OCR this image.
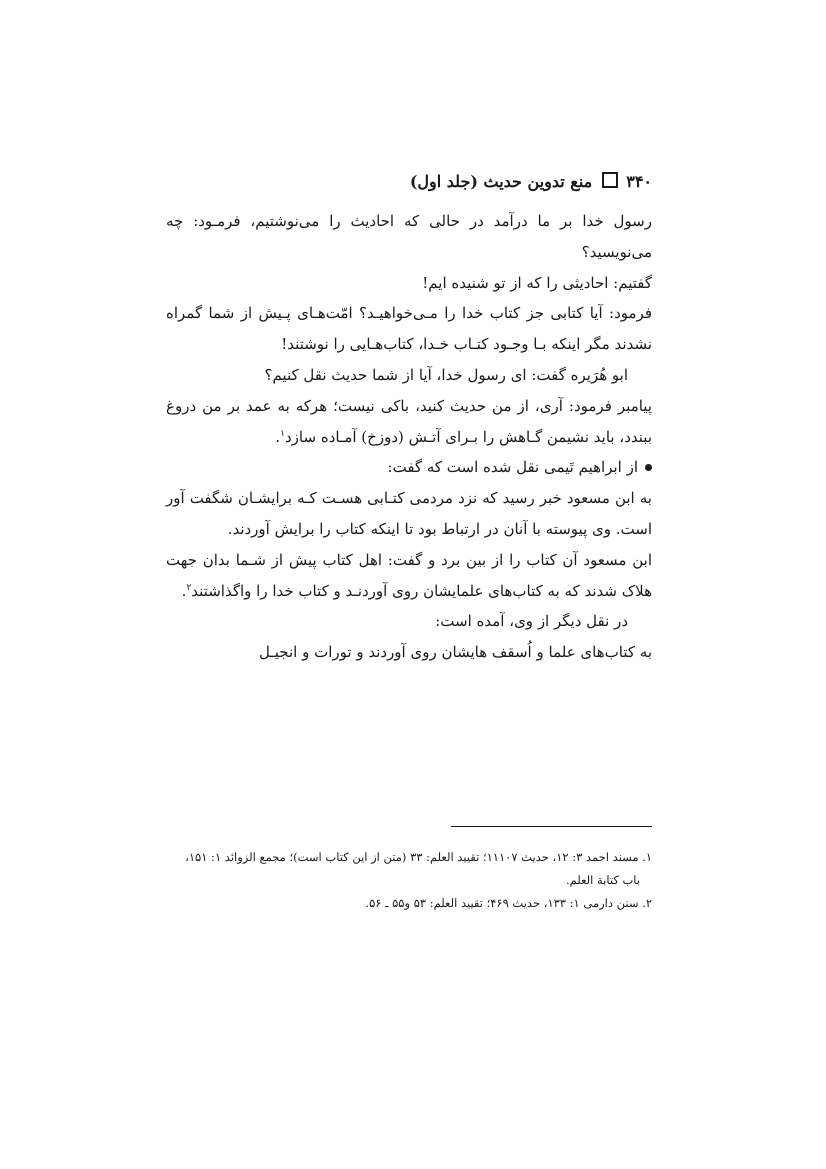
۳۴۰منع تدوین حدیث (جلد اول)

رسول خدا بر ما درآمد در حالی که احادیث را می‌نوشتیم، فرمـود: چه می‌نویسید؟

گفتیم: احادیثی را که از تو شنیده ایم!

فرمود: آیا کتابی جز کتاب خدا را مـی‌خواهیـد؟ امّت‌هـای پـیش از شما گمراه نشدند مگر اینکه بـا وجـود کتـاب خـدا، کتاب‌هـایی را نوشتند!

ابو هُرَیره گفت: ای رسول خدا، آیا از شما حدیث نقل کنیم؟

پیامبر فرمود: آری، از من حدیث کنید، باکی نیست؛ هرکه به عمد بر من دروغ ببندد، باید نشیمن گـاهش را بـرای آتـش (دوزخ) آمـاده سازد$^۱$.

از ابراهیم تَیمی نقل شده است که گفت:

به ابن مسعود خبر رسید که نزد مردمی کتـابی هسـت کـه برایشـان شگفت آور است. وی پیوسته با آنان در ارتباط بود تا اینکه کتاب را برایش آوردند.

ابن مسعود آن کتاب را از بین برد و گفت: اهل کتاب پیش از شـما بدان جهت هلاک شدند که به کتاب‌های علمایشان روی آوردنـد و کتاب خدا را واگذاشتند$^۲$.

در نقل دیگر از وی، آمده است:

به کتاب‌های علما و اُسقف هایشان روی آوردند و تورات و انجیـل

۱. مسند احمد ۳: ۱۲، حدیث ۱۱۱۰۷؛ تقیید العلم: ۳۳ (متن از این کتاب است)؛ مجمع الزوائد ۱: ۱۵۱،

باب کتابة العلم.

۲. سنن دارمی ۱: ۱۳۳، حدیث ۴۶۹؛ تقیید العلم: ۵۳ و۵۵ ـ ۵۶.
